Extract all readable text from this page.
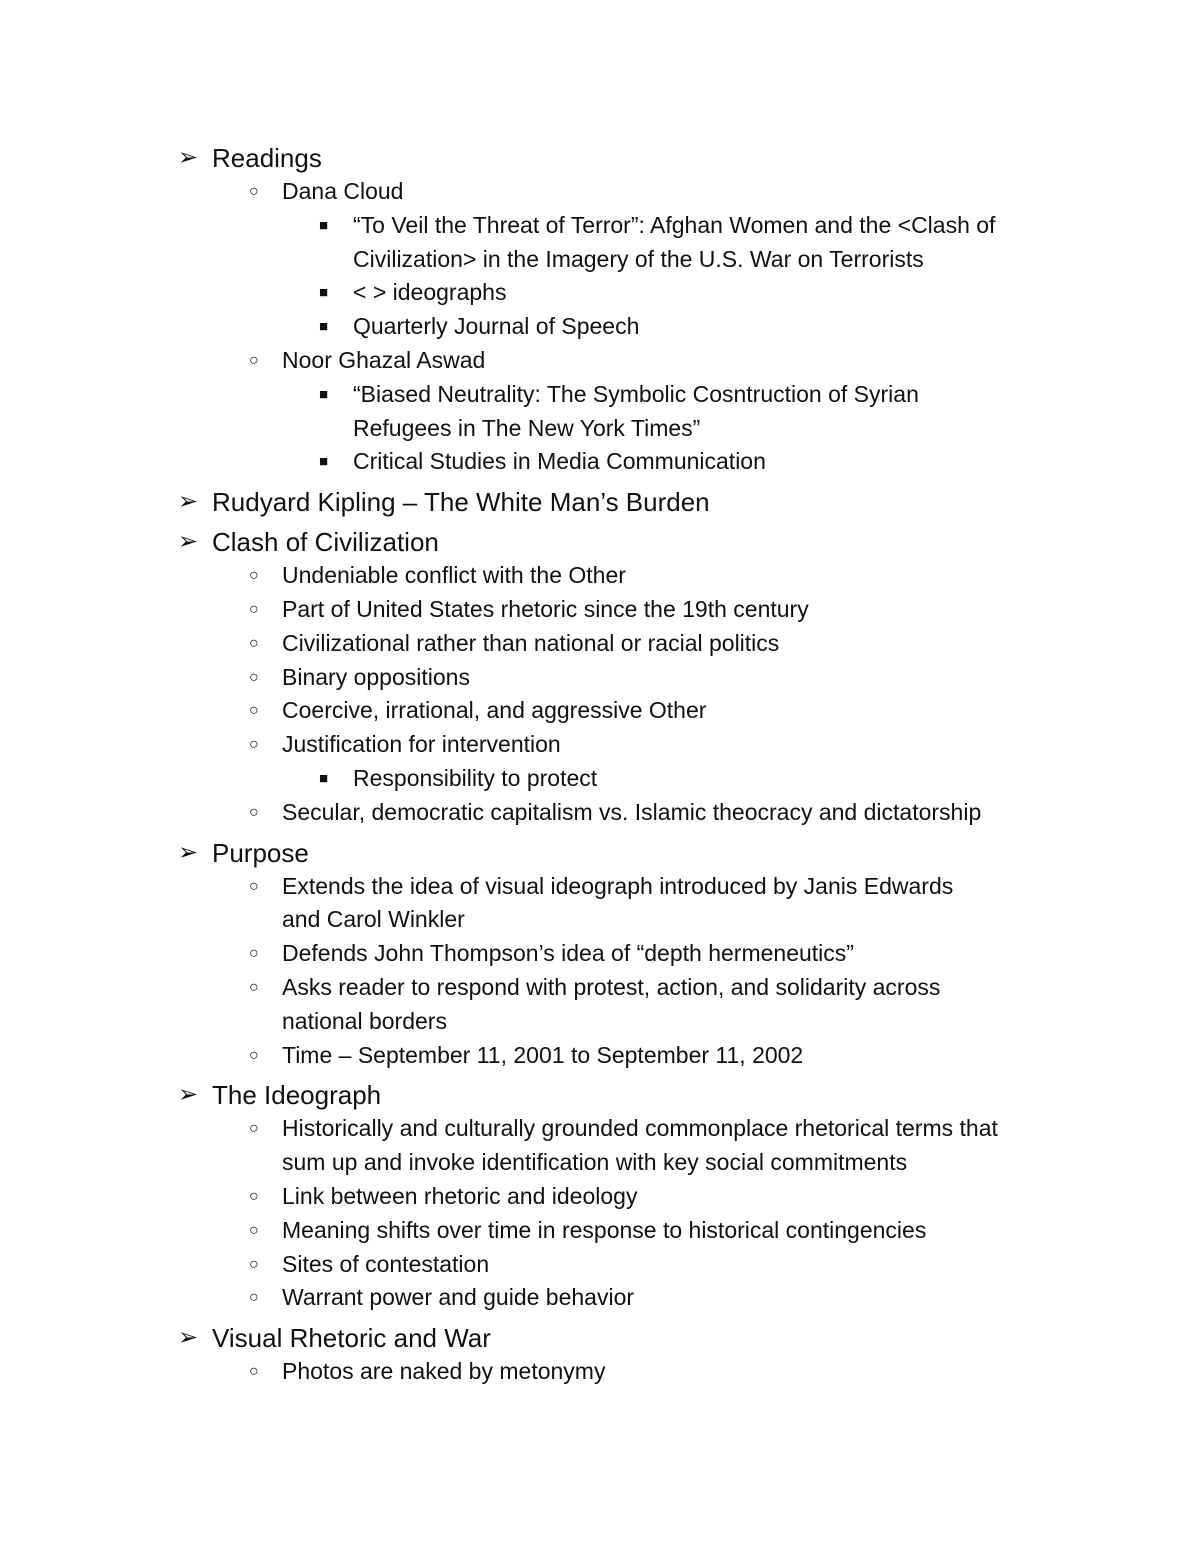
➢ Readings
○ Dana Cloud
■ “To Veil the Threat of Terror”: Afghan Women and the <Clash of Civilization> in the Imagery of the U.S. War on Terrorists
■ < > ideographs
■ Quarterly Journal of Speech
○ Noor Ghazal Aswad
■ “Biased Neutrality: The Symbolic Cosntruction of Syrian Refugees in The New York Times”
■ Critical Studies in Media Communication
➢ Rudyard Kipling – The White Man’s Burden
➢ Clash of Civilization
○ Undeniable conflict with the Other
○ Part of United States rhetoric since the 19th century
○ Civilizational rather than national or racial politics
○ Binary oppositions
○ Coercive, irrational, and aggressive Other
○ Justification for intervention
■ Responsibility to protect
○ Secular, democratic capitalism vs. Islamic theocracy and dictatorship
➢ Purpose
○ Extends the idea of visual ideograph introduced by Janis Edwards and Carol Winkler
○ Defends John Thompson’s idea of “depth hermeneutics”
○ Asks reader to respond with protest, action, and solidarity across national borders
○ Time – September 11, 2001 to September 11, 2002
➢ The Ideograph
○ Historically and culturally grounded commonplace rhetorical terms that sum up and invoke identification with key social commitments
○ Link between rhetoric and ideology
○ Meaning shifts over time in response to historical contingencies
○ Sites of contestation
○ Warrant power and guide behavior
➢ Visual Rhetoric and War
○ Photos are naked by metonymy
